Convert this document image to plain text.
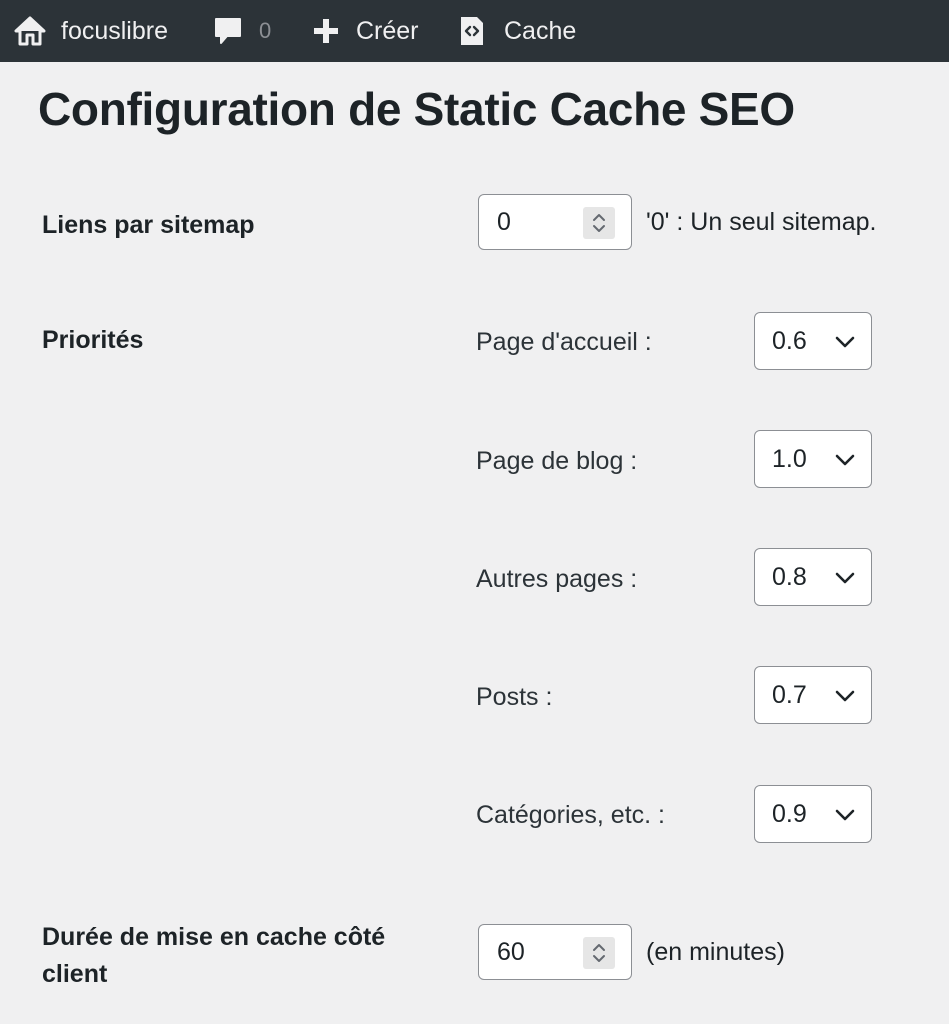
focuslibre	0	Créer	Cache
Configuration de Static Cache SEO
Liens par sitemap	0	'0' : Un seul sitemap.
Priorités	Page d'accueil :	0.6
Page de blog :	1.0
Autres pages :	0.8
Posts :	0.7
Catégories, etc. :	0.9
Durée de mise en cache côté
client
60	(en minutes)
